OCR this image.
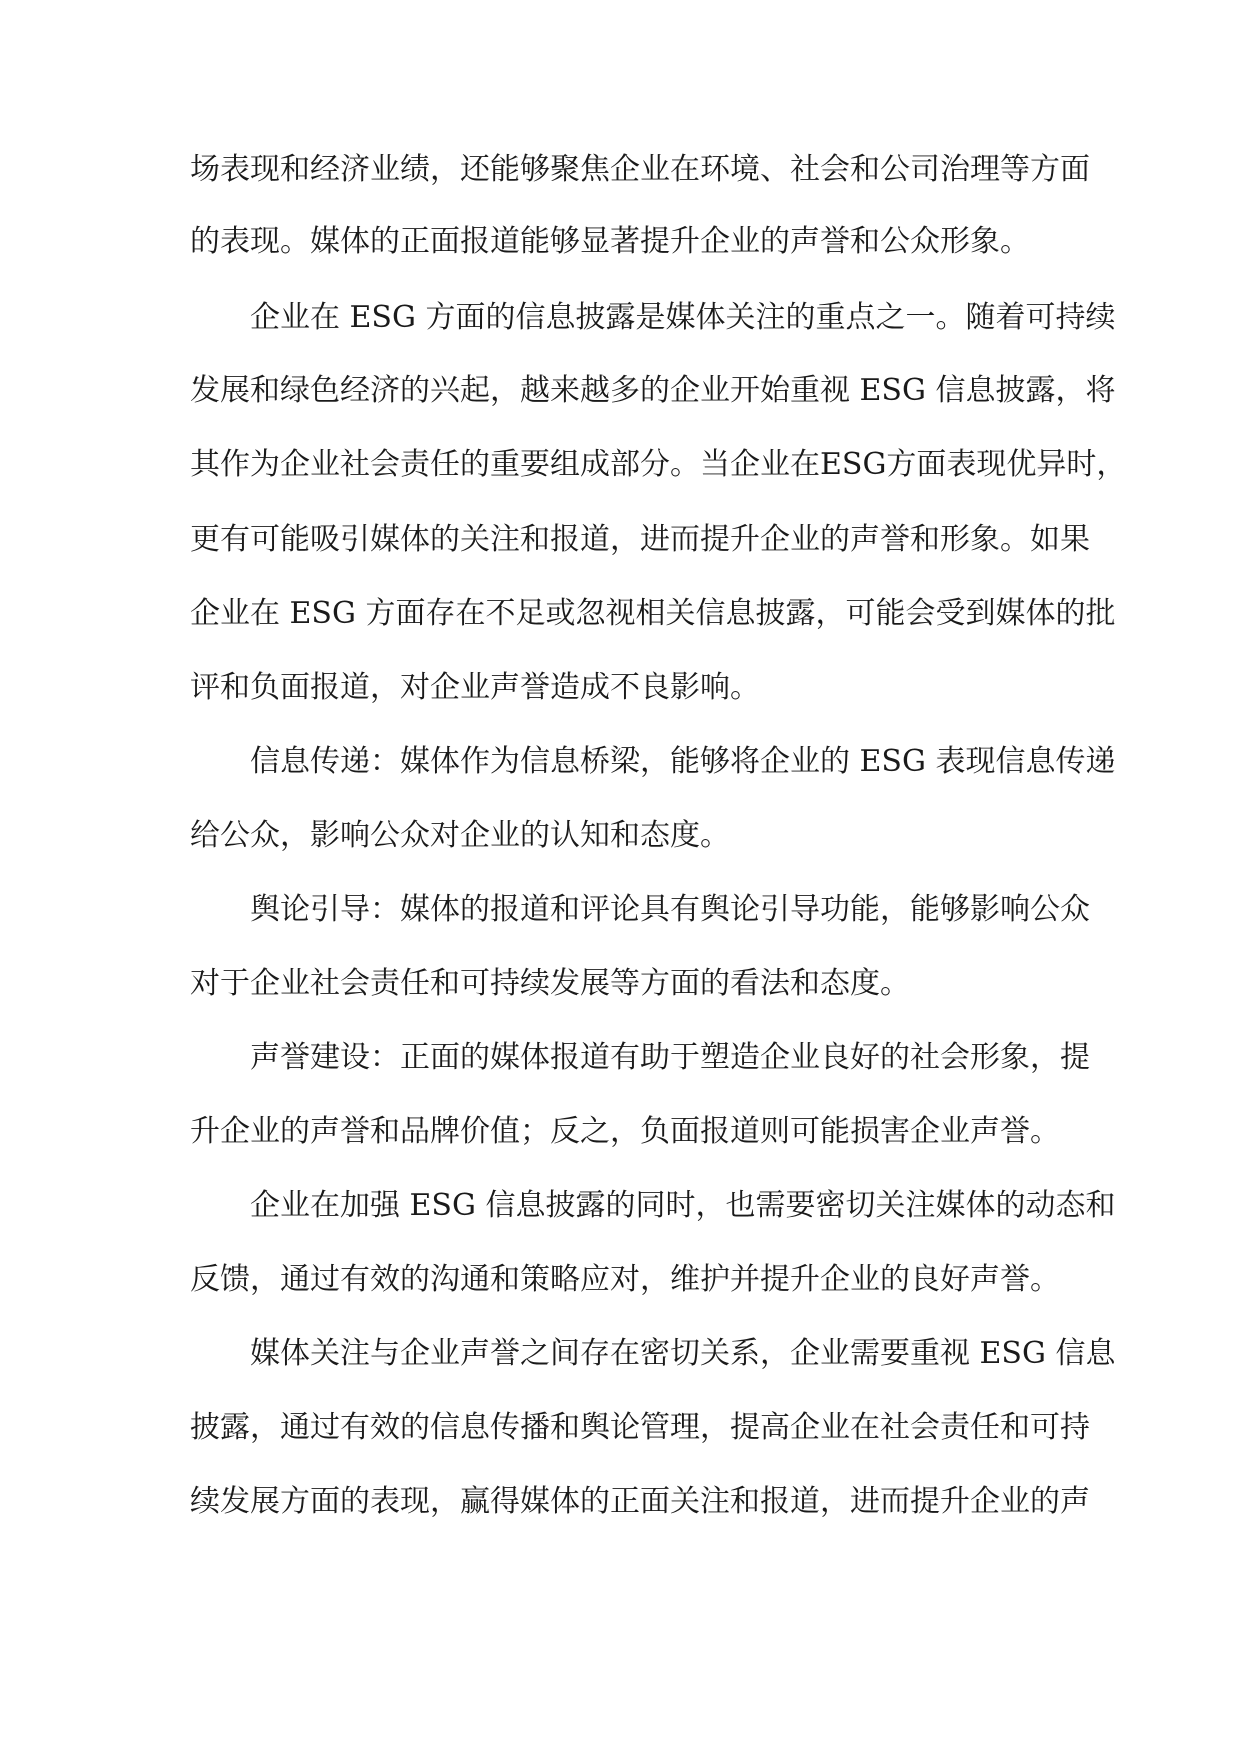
场表现和经济业绩，还能够聚焦企业在环境、社会和公司治理等方面
的表现。媒体的正面报道能够显著提升企业的声誉和公众形象。
企业在 ESG 方面的信息披露是媒体关注的重点之一。随着可持续
发展和绿色经济的兴起，越来越多的企业开始重视 ESG 信息披露，将
其作为企业社会责任的重要组成部分。当企业在ESG方面表现优异时，
更有可能吸引媒体的关注和报道，进而提升企业的声誉和形象。如果
企业在 ESG 方面存在不足或忽视相关信息披露，可能会受到媒体的批
评和负面报道，对企业声誉造成不良影响。
信息传递：媒体作为信息桥梁，能够将企业的 ESG 表现信息传递
给公众，影响公众对企业的认知和态度。
舆论引导：媒体的报道和评论具有舆论引导功能，能够影响公众
对于企业社会责任和可持续发展等方面的看法和态度。
声誉建设：正面的媒体报道有助于塑造企业良好的社会形象，提
升企业的声誉和品牌价值；反之，负面报道则可能损害企业声誉。
企业在加强 ESG 信息披露的同时，也需要密切关注媒体的动态和
反馈，通过有效的沟通和策略应对，维护并提升企业的良好声誉。
媒体关注与企业声誉之间存在密切关系，企业需要重视 ESG 信息
披露，通过有效的信息传播和舆论管理，提高企业在社会责任和可持
续发展方面的表现，赢得媒体的正面关注和报道，进而提升企业的声
